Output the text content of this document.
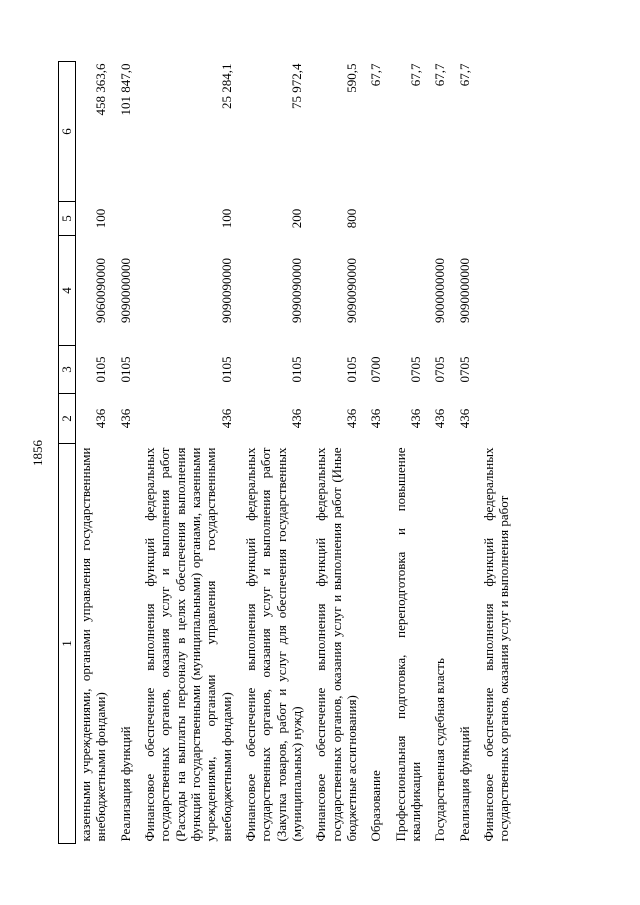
1856
1	2	3	4	5	6
казенными учреждениями, органами управления государственными внебюджетными фондами)	436	0105	9060090000	100	458 363,6
Реализация функций	436	0105	9090000000		101 847,0
Финансовое обеспечение выполнения функций федеральных государственных органов, оказания услуг и выполнения работ (Расходы на выплаты персоналу в целях обеспечения выполнения функций государственными (муниципальными) органами, казенными учреждениями, органами управления государственными внебюджетными фондами)	436	0105	9090090000	100	25 284,1
Финансовое обеспечение выполнения функций федеральных государственных органов, оказания услуг и выполнения работ (Закупка товаров, работ и услуг для обеспечения государственных (муниципальных) нужд)	436	0105	9090090000	200	75 972,4
Финансовое обеспечение выполнения функций федеральных государственных органов, оказания услуг и выполнения работ (Иные бюджетные ассигнования)	436	0105	9090090000	800	590,5
Образование	436	0700			67,7
Профессиональная подготовка, переподготовка и повышение квалификации	436	0705			67,7
Государственная судебная власть	436	0705	9000000000		67,7
Реализация функций	436	0705	9090000000		67,7
Финансовое обеспечение выполнения функций федеральных государственных органов, оказания услуг и выполнения работ					
